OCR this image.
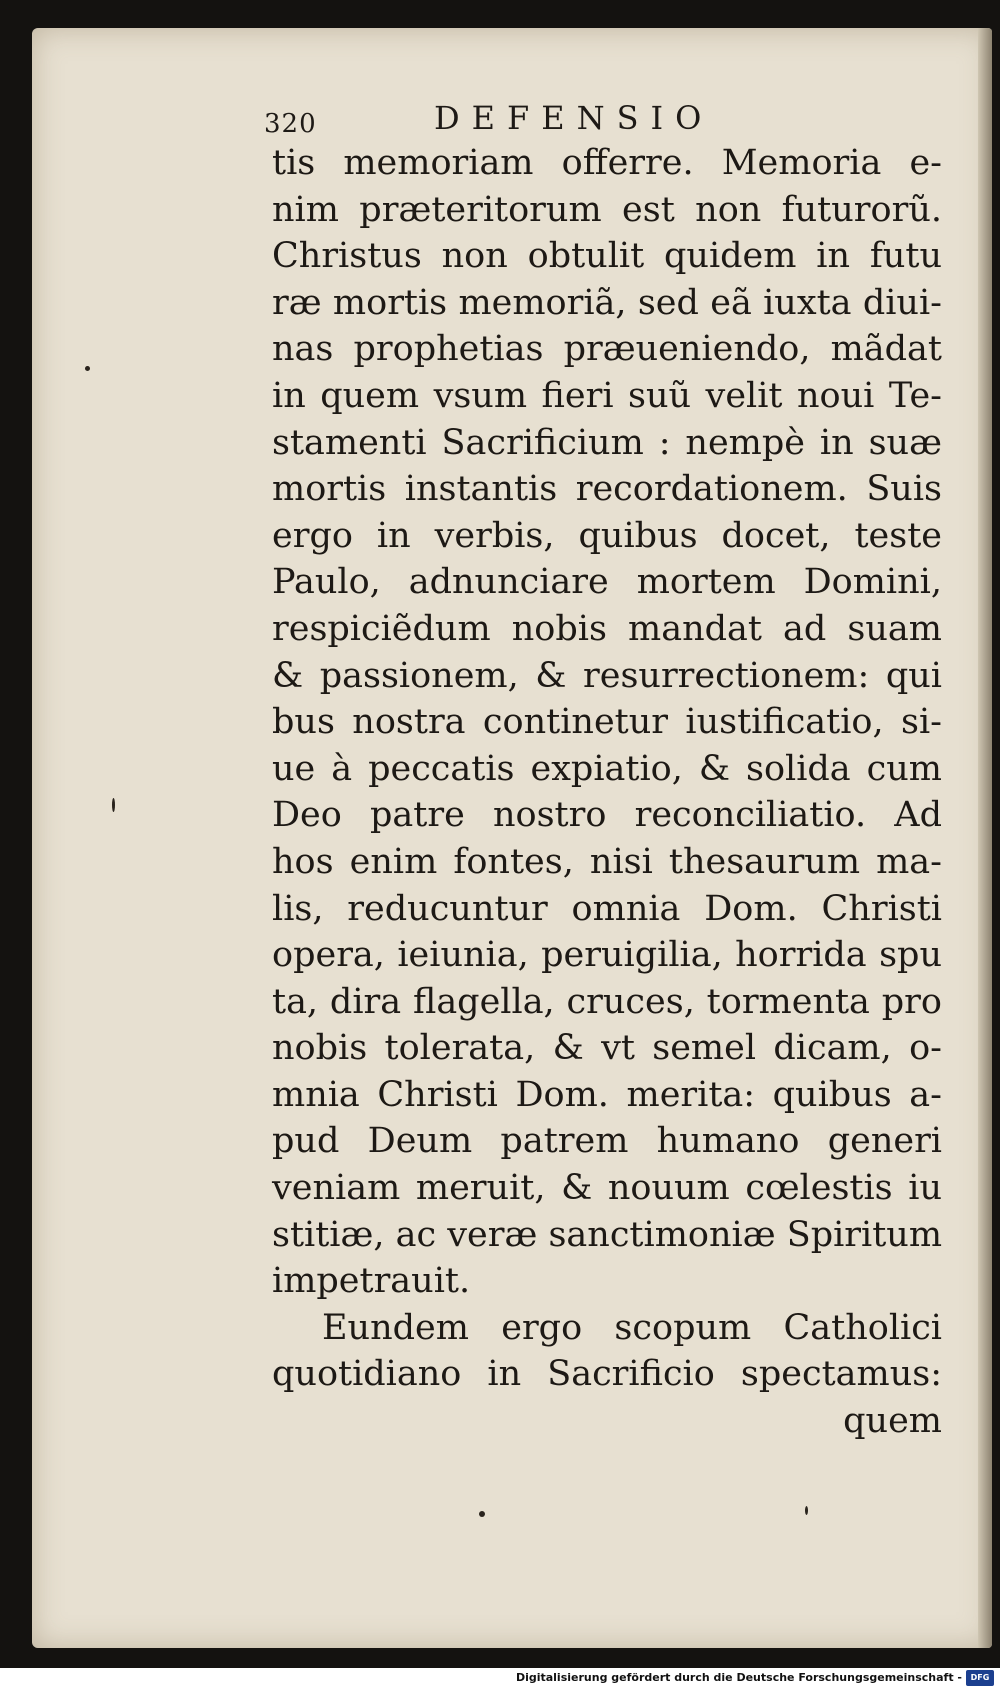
320	DEFENSIO
tis memoriam offerre. Memoria e-
nim præteritorum est non futurorũ.
Christus non obtulit quidem in futu
ræ mortis memoriã, sed eã iuxta diui-
nas prophetias præueniendo, mãdat
in quem vsum fieri suũ velit noui Te-
stamenti Sacrificium : nempè in suæ
mortis instantis recordationem. Suis
ergo in verbis, quibus docet, teste
Paulo, adnunciare mortem Domini,
respiciẽdum nobis mandat ad suam
& passionem, & resurrectionem: qui
bus nostra continetur iustificatio, si-
ue à peccatis expiatio, & solida cum
Deo patre nostro reconciliatio. Ad
hos enim fontes, nisi thesaurum ma-
lis, reducuntur omnia Dom. Christi
opera, ieiunia, peruigilia, horrida spu
ta, dira flagella, cruces, tormenta pro
nobis tolerata, & vt semel dicam, o-
mnia Christi Dom. merita: quibus a-
pud Deum patrem humano generi
veniam meruit, & nouum cœlestis iu
stitiæ, ac veræ sanctimoniæ Spiritum
impetrauit.
Eundem ergo scopum Catholici
quotidiano in Sacrificio spectamus:
quem
Digitalisierung gefördert durch die Deutsche Forschungsgemeinschaft -	DFG
